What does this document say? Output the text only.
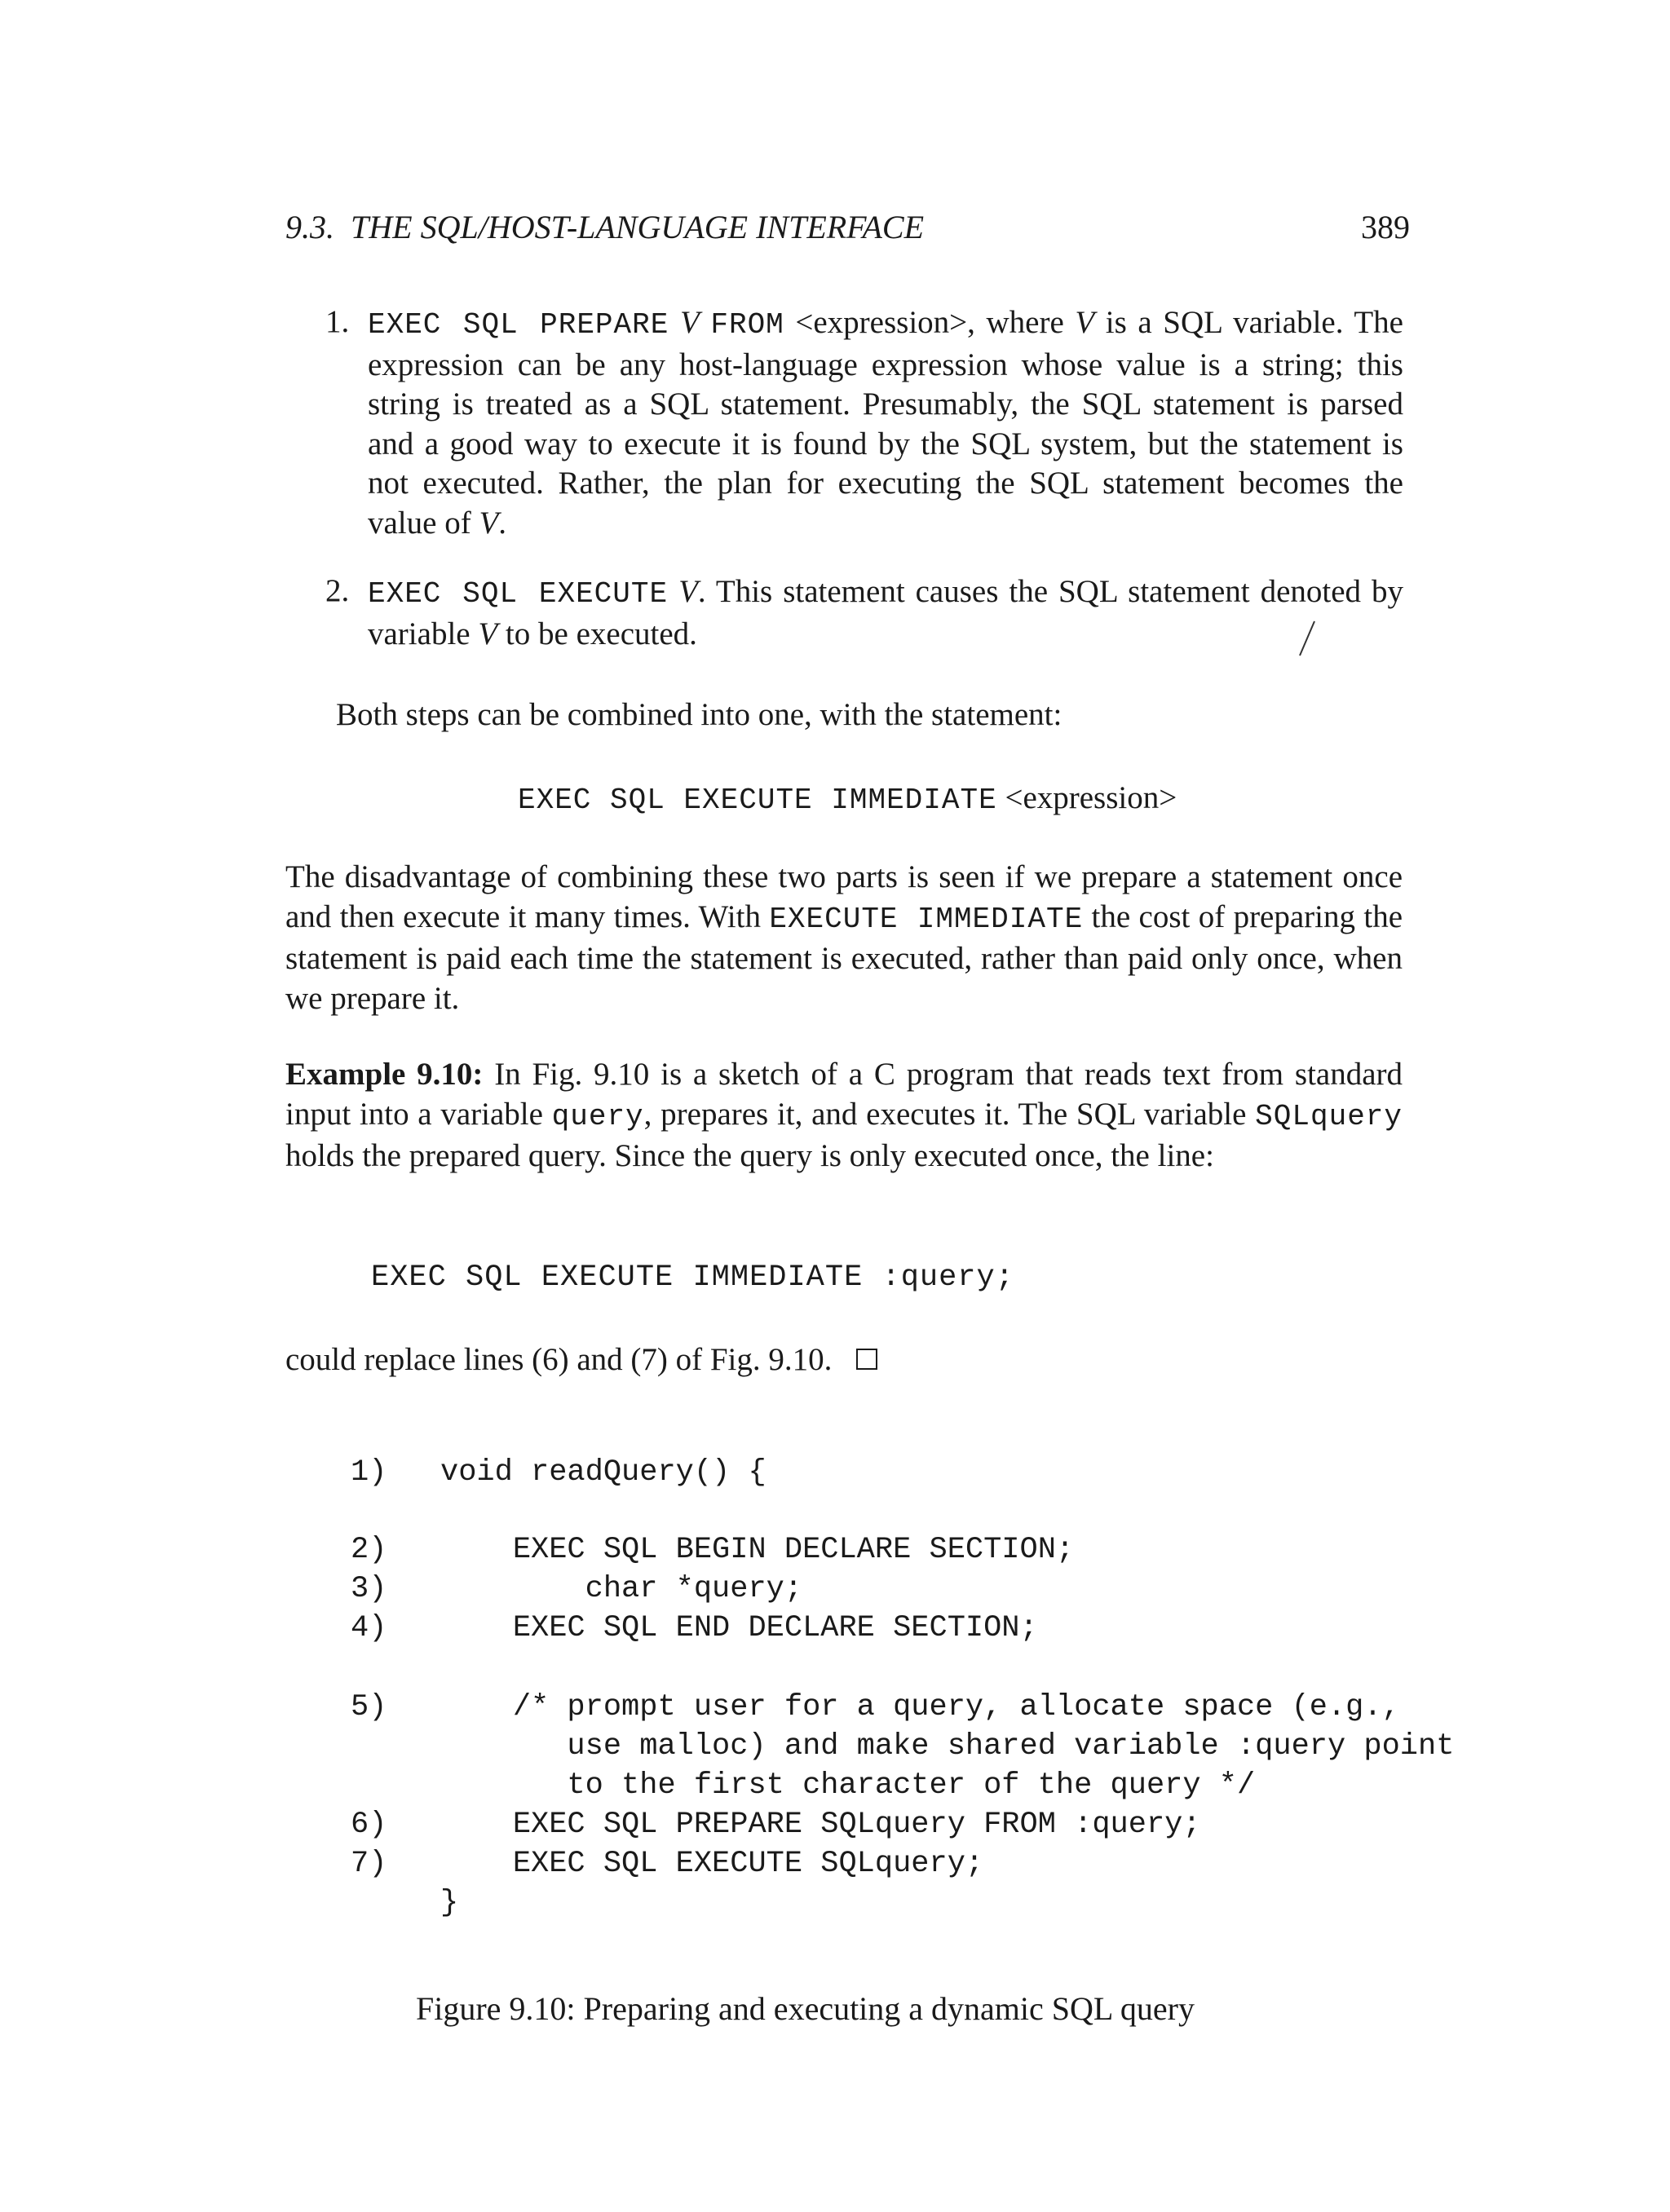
9.3.  THE SQL/HOST-LANGUAGE INTERFACE	389
1. EXEC SQL PREPARE V FROM <expression>, where V is a SQL variable. The expression can be any host-language expression whose value is a string; this string is treated as a SQL statement. Presumably, the SQL statement is parsed and a good way to execute it is found by the SQL system, but the statement is not executed. Rather, the plan for executing the SQL statement becomes the value of V.

2. EXEC SQL EXECUTE V. This statement causes the SQL statement denoted by variable V to be executed.

Both steps can be combined into one, with the statement:

EXEC SQL EXECUTE IMMEDIATE <expression>

The disadvantage of combining these two parts is seen if we prepare a statement once and then execute it many times. With EXECUTE IMMEDIATE the cost of preparing the statement is paid each time the statement is executed, rather than paid only once, when we prepare it.

Example 9.10: In Fig. 9.10 is a sketch of a C program that reads text from standard input into a variable query, prepares it, and executes it. The SQL variable SQLquery holds the prepared query. Since the query is only executed once, the line:

EXEC SQL EXECUTE IMMEDIATE :query;
could replace lines (6) and (7) of Fig. 9.10.
1) void readQuery() {
2) EXEC SQL BEGIN DECLARE SECTION;
3) char *query;
4) EXEC SQL END DECLARE SECTION;
5) /* prompt user for a query, allocate space (e.g.,
use malloc) and make shared variable :query point
to the first character of the query */
6) EXEC SQL PREPARE SQLquery FROM :query;
7) EXEC SQL EXECUTE SQLquery;
}
Figure 9.10: Preparing and executing a dynamic SQL query
